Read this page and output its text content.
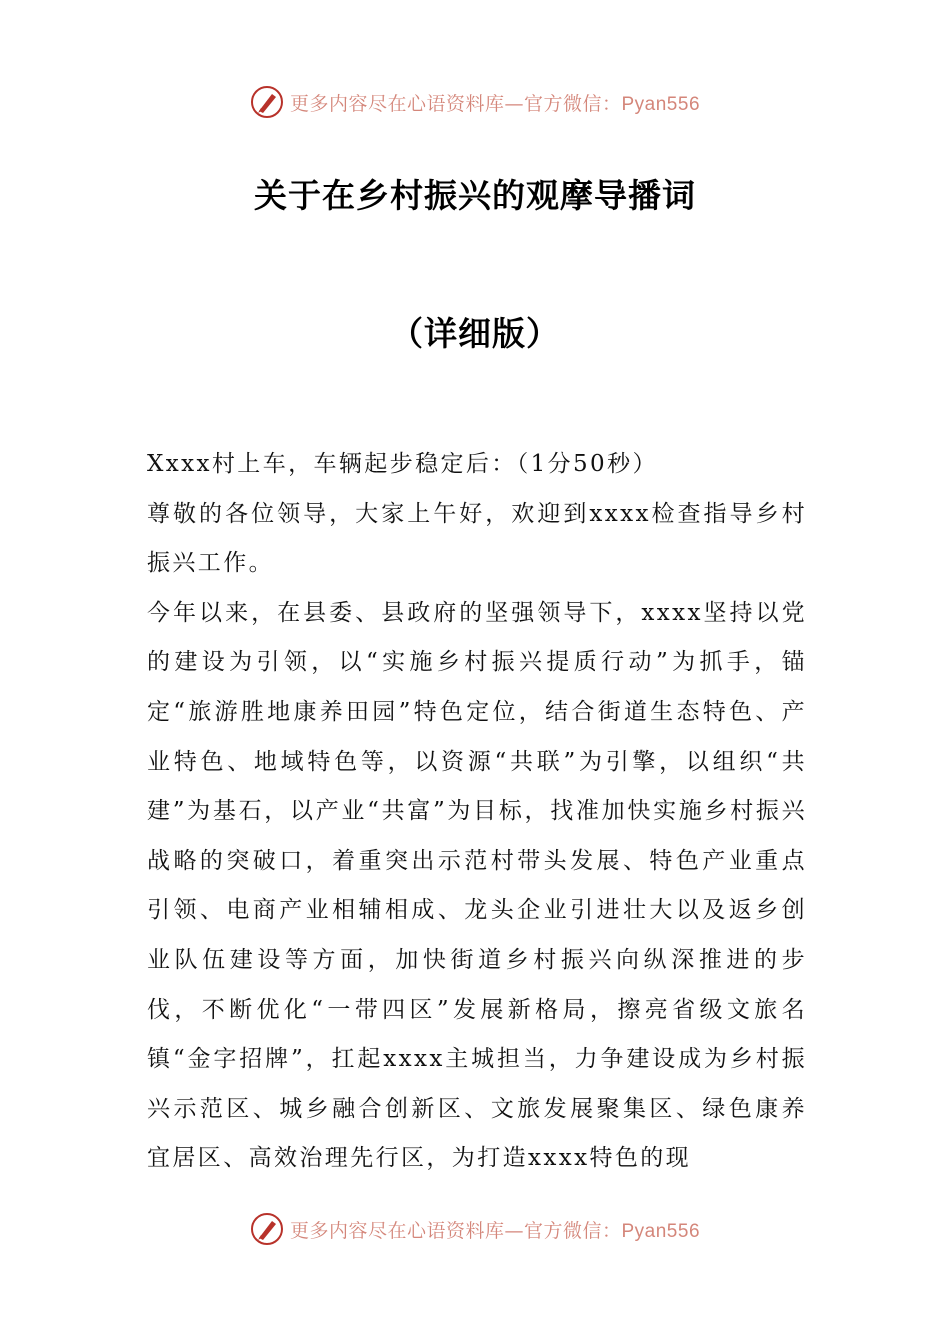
更多内容尽在心语资料库—官方微信：Pyan556
关于在乡村振兴的观摩导播词
（详细版）

Xxxx村上车，车辆起步稳定后：（1分50秒）

尊敬的各位领导，大家上午好，欢迎到xxxx检查指导乡村振兴工作。

今年以来，在县委、县政府的坚强领导下，xxxx坚持以党的建设为引领，以“实施乡村振兴提质行动”为抓手，锚定“旅游胜地康养田园”特色定位，结合街道生态特色、产业特色、地域特色等，以资源“共联”为引擎，以组织“共建”为基石，以产业“共富”为目标，找准加快实施乡村振兴战略的突破口，着重突出示范村带头发展、特色产业重点引领、电商产业相辅相成、龙头企业引进壮大以及返乡创业队伍建设等方面，加快街道乡村振兴向纵深推进的步伐，不断优化“一带四区”发展新格局，擦亮省级文旅名镇“金字招牌”，扛起xxxx主城担当，力争建设成为乡村振兴示范区、城乡融合创新区、文旅发展聚集区、绿色康养宜居区、高效治理先行区，为打造xxxx特色的现

更多内容尽在心语资料库—官方微信：Pyan556
